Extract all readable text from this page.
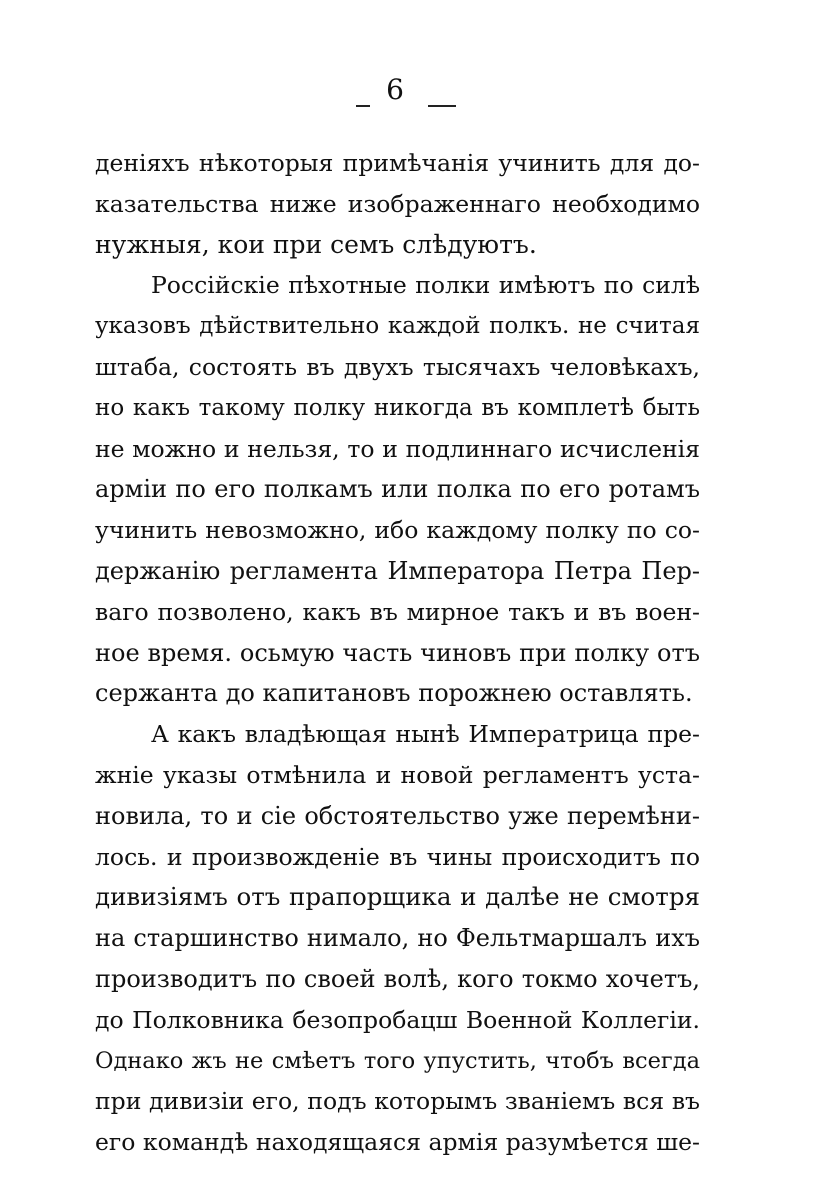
6
деніяхъ нѣкоторыя примѣчанія учинить для до-
казательства ниже изображеннаго необходимо
нужныя, кои при семъ слѣдуютъ.
Россійскіе пѣхотные полки имѣютъ по силѣ
указовъ дѣйствительно каждой полкъ. не считая
штаба, состоять въ двухъ тысячахъ человѣкахъ,
но какъ такому полку никогда въ комплетѣ быть
не можно и нельзя, то и подлиннаго исчисленія
арміи по его полкамъ или полка по его ротамъ
учинить невозможно, ибо каждому полку по со-
держанію регламента Императора Петра Пер-
ваго позволено, какъ въ мирное такъ и въ воен-
ное время. осьмую часть чиновъ при полку отъ
сержанта до капитановъ порожнею оставлять.
А какъ владѣющая нынѣ Императрица пре-
жніе указы отмѣнила и новой регламентъ уста-
новила, то и сіе обстоятельство уже перемѣни-
лось. и произвожденіе въ чины происходитъ по
дивизіямъ отъ прапорщика и далѣе не смотря
на старшинство нимало, но Фельтмаршалъ ихъ
производитъ по своей волѣ, кого токмо хочетъ,
до Полковника безопробацш Военной Коллегіи.
Однако жъ не смѣетъ того упустить, чтобъ всегда
при дивизіи его, подъ которымъ званіемъ вся въ
его командѣ находящаяся армія разумѣется ше-
